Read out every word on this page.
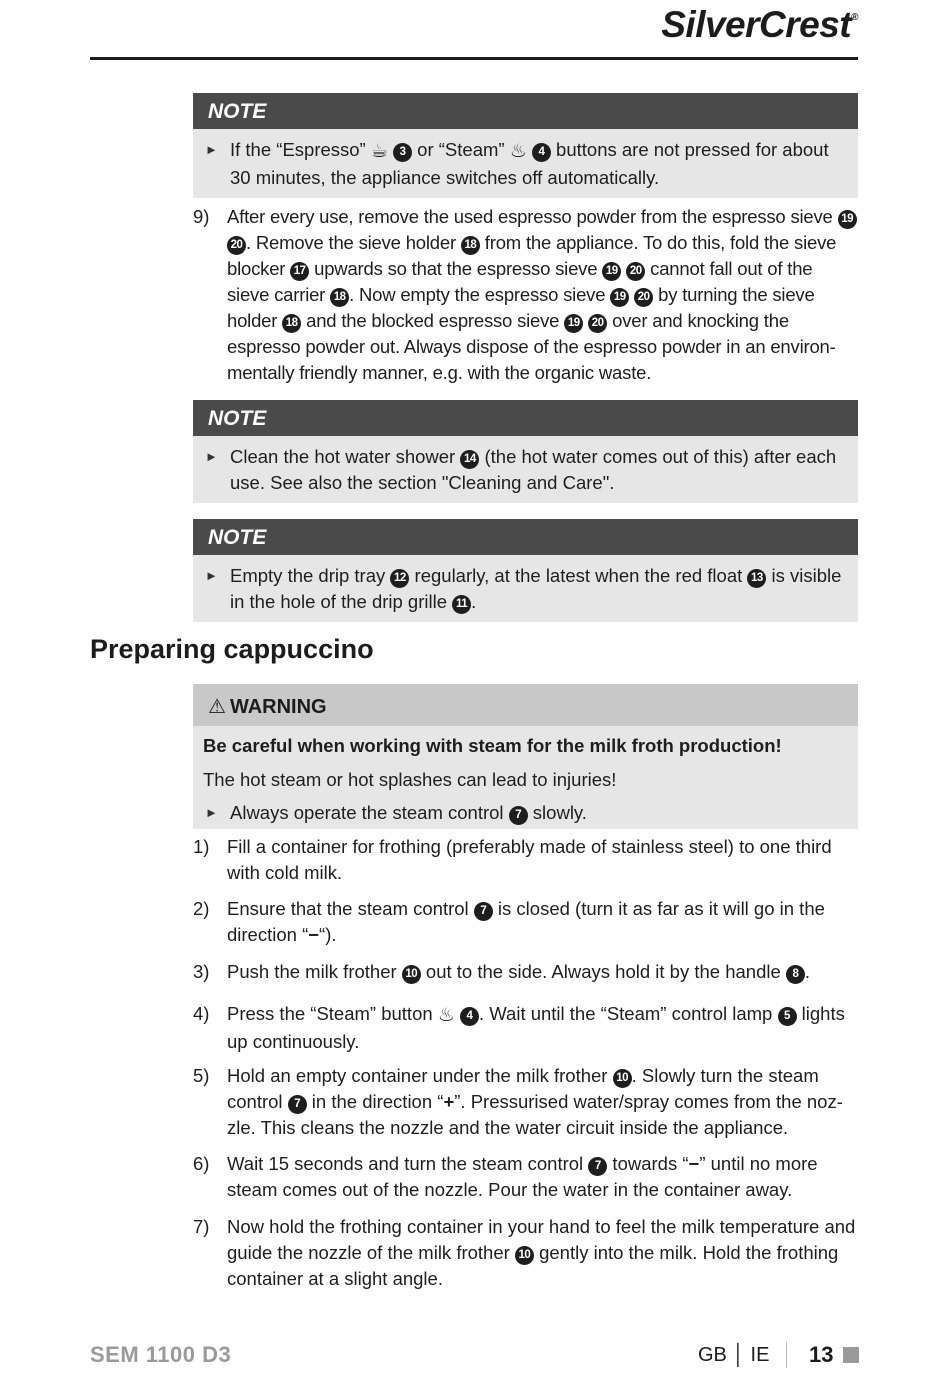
SilverCrest®
NOTE
► If the “Espresso” ☕ 3 or “Steam” ♨ 4 buttons are not pressed for about 30 minutes, the appliance switches off automatically.
9) After every use, remove the used espresso powder from the espresso sieve 19 20 . Remove the sieve holder 18 from the appliance. To do this, fold the sieve blocker 17 upwards so that the espresso sieve 19 20 cannot fall out of the sieve carrier 18 . Now empty the espresso sieve 19 20 by turning the sieve holder 18 and the blocked espresso sieve 19 20 over and knocking the espresso powder out. Always dispose of the espresso powder in an environmentally friendly manner, e.g. with the organic waste.
NOTE
► Clean the hot water shower 14 (the hot water comes out of this) after each use. See also the section "Cleaning and Care".
NOTE
► Empty the drip tray 12 regularly, at the latest when the red float 13 is visible in the hole of the drip grille 11 .
Preparing cappuccino
⚠ WARNING
Be careful when working with steam for the milk froth production!
The hot steam or hot splashes can lead to injuries!
► Always operate the steam control 7 slowly.
1) Fill a container for frothing (preferably made of stainless steel) to one third with cold milk.
2) Ensure that the steam control 7 is closed (turn it as far as it will go in the direction “−“).
3) Push the milk frother 10 out to the side. Always hold it by the handle 8 .
4) Press the “Steam” button ♨ 4 . Wait until the “Steam” control lamp 5 lights up continuously.
5) Hold an empty container under the milk frother 10 . Slowly turn the steam control 7 in the direction “+”. Pressurised water/spray comes from the nozzle. This cleans the nozzle and the water circuit inside the appliance.
6) Wait 15 seconds and turn the steam control 7 towards “−” until no more steam comes out of the nozzle. Pour the water in the container away.
7) Now hold the frothing container in your hand to feel the milk temperature and guide the nozzle of the milk frother 10 gently into the milk. Hold the frothing container at a slight angle.
SEM 1100 D3	GB │ IE 13
